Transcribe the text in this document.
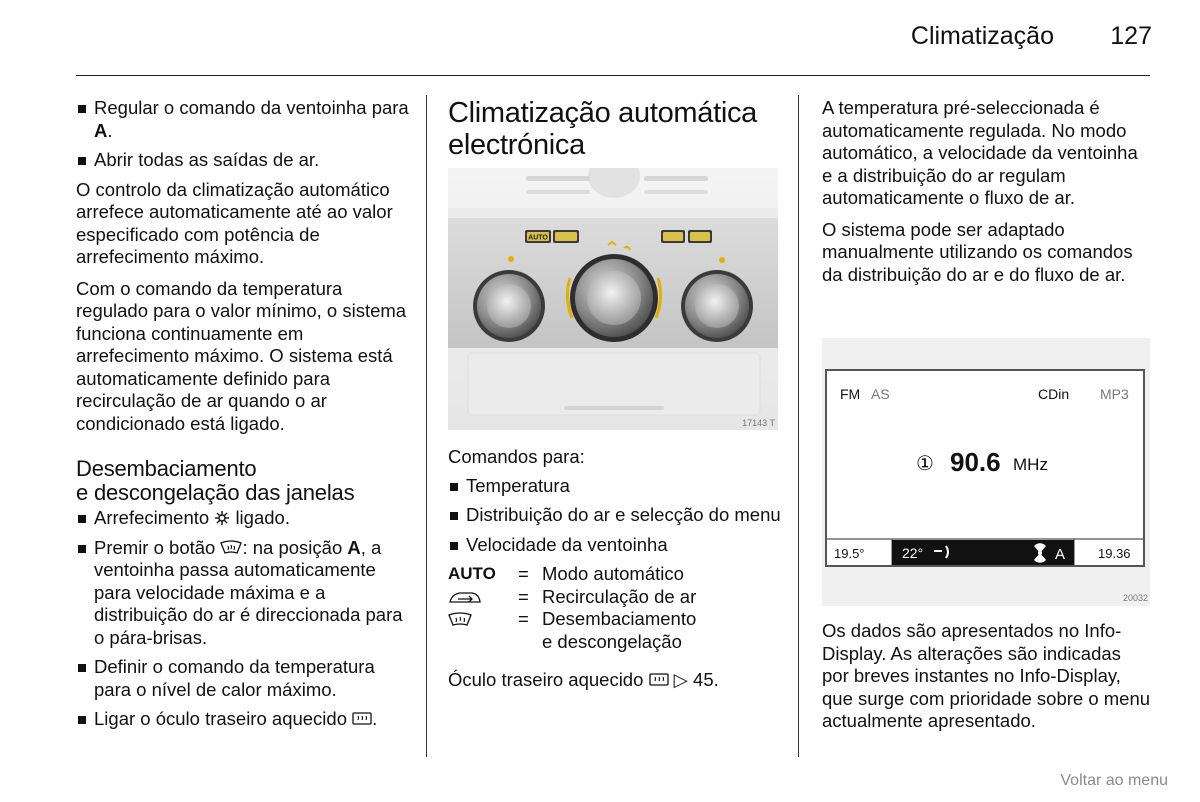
Climatização 127
Regular o comando da ventoinha para A.
Abrir todas as saídas de ar.

O controlo da climatização automático arrefece automaticamente até ao valor especificado com potência de arrefecimento máximo.

Com o comando da temperatura regulado para o valor mínimo, o sistema funciona continuamente em arrefecimento máximo. O sistema está automaticamente definido para recirculação de ar quando o ar condicionado está ligado.

Desembaciamento
e descongelação das janelas
Arrefecimento ligado.
Premir o botão : na posição A, a ventoinha passa automaticamente para velocidade máxima e a distribuição do ar é direccionada para o pára-brisas.
Definir o comando da temperatura para o nível de calor máximo.
Ligar o óculo traseiro aquecido .
Climatização automática
electrónica
AUTO
17143 T

Comandos para:

Temperatura
Distribuição do ar e selecção do menu
Velocidade da ventoinha
AUTO	= Modo automático
= Recirculação de ar
= Desembaciamento
e descongelação

Óculo traseiro aquecido ▷ 45.

A temperatura pré-seleccionada é automaticamente regulada. No modo automático, a velocidade da ventoinha e a distribuição do ar regulam automaticamente o fluxo de ar.

O sistema pode ser adaptado manualmente utilizando os comandos da distribuição do ar e do fluxo de ar.

FM AS	CDin MP3
① 90.6 MHz
19.5°	22°	A	19.36
20032

Os dados são apresentados no Info-Display. As alterações são indicadas por breves instantes no Info-Display, que surge com prioridade sobre o menu actualmente apresentado.

Voltar ao menu
